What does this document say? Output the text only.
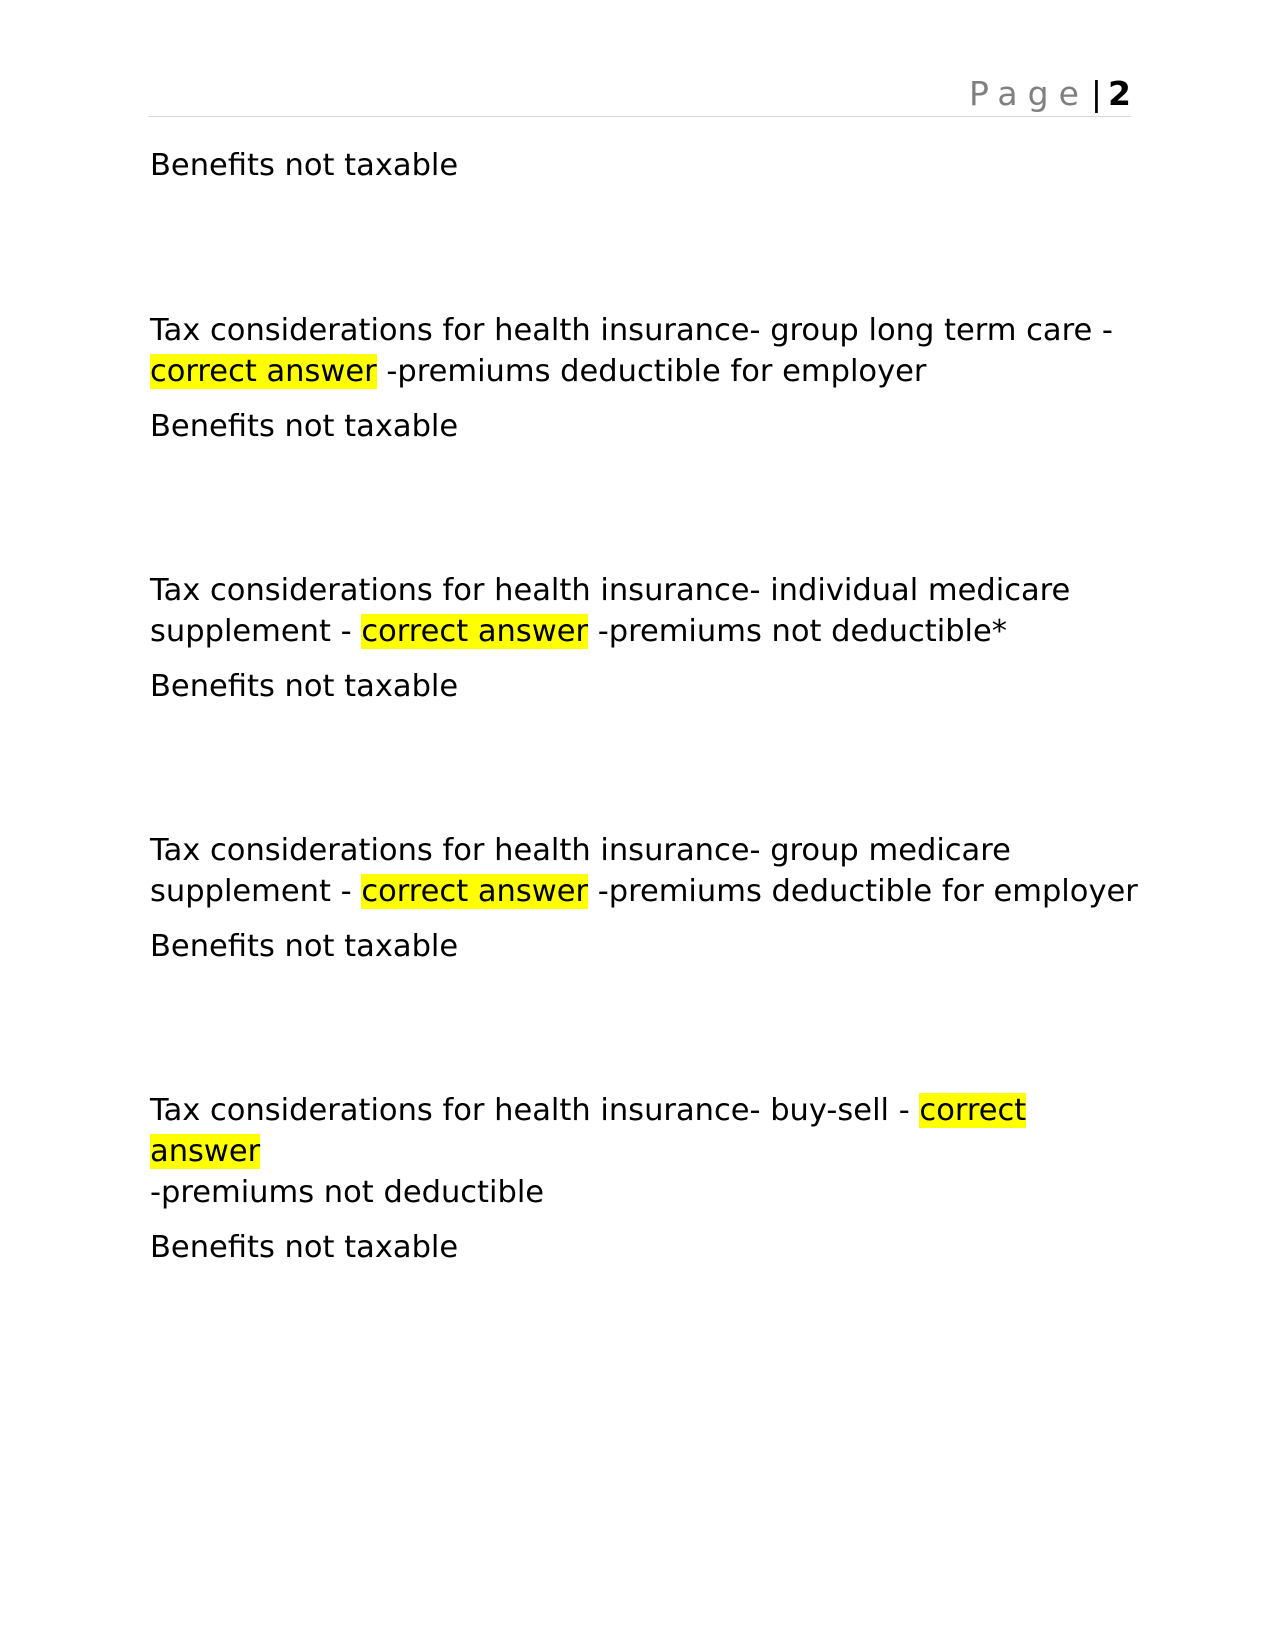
Page| 2

Benefits not taxable

Tax considerations for health insurance- group long term care -
correct answer -premiums deductible for employer

Benefits not taxable

Tax considerations for health insurance- individual medicare supplement - correct answer -premiums not deductible*

Benefits not taxable

Tax considerations for health insurance- group medicare supplement - correct answer -premiums deductible for employer

Benefits not taxable

Tax considerations for health insurance- buy-sell - correct answer
-premiums not deductible

Benefits not taxable
